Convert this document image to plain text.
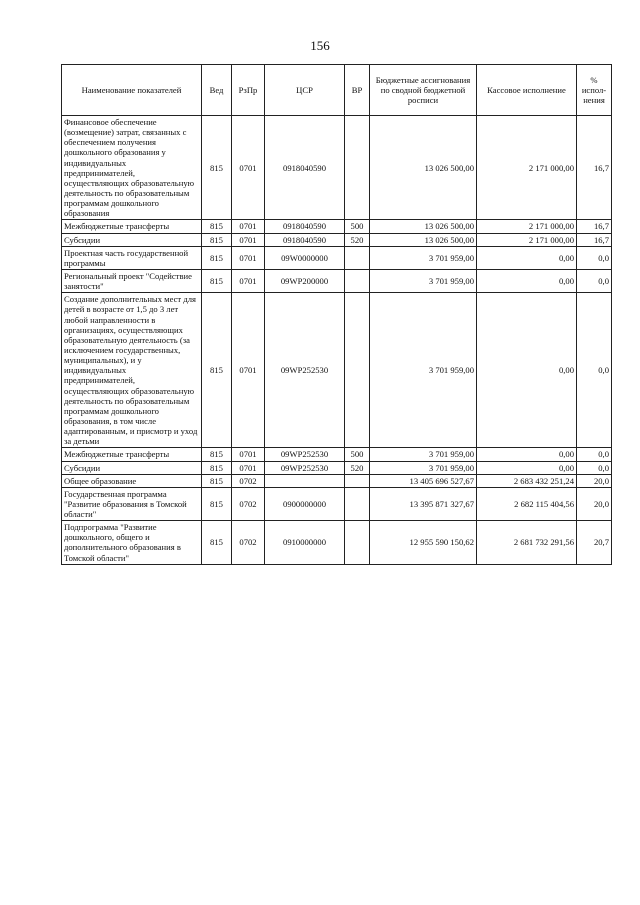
156
Наименование показателей	Вед	РзПр	ЦСР	ВР	Бюджетные ассигнования по сводной бюджетной росписи	Кассовое исполнение	% испол-нения
Финансовое обеспечение (возмещение) затрат, связанных с обеспечением получения дошкольного образования у индивидуальных предпринимателей, осуществляющих образовательную деятельность по образовательным программам дошкольного образования	815	0701	0918040590		13 026 500,00	2 171 000,00	16,7
Межбюджетные трансферты	815	0701	0918040590	500	13 026 500,00	2 171 000,00	16,7
Субсидии	815	0701	0918040590	520	13 026 500,00	2 171 000,00	16,7
Проектная часть государственной программы	815	0701	09W0000000		3 701 959,00	0,00	0,0
Региональный проект "Содействие занятости"	815	0701	09WP200000		3 701 959,00	0,00	0,0
Создание дополнительных мест для детей в возрасте от 1,5 до 3 лет любой направленности в организациях, осуществляющих образовательную деятельность (за исключением государственных, муниципальных), и у индивидуальных предпринимателей, осуществляющих образовательную деятельность по образовательным программам дошкольного образования, в том числе адаптированным, и присмотр и уход за детьми	815	0701	09WP252530		3 701 959,00	0,00	0,0
Межбюджетные трансферты	815	0701	09WP252530	500	3 701 959,00	0,00	0,0
Субсидии	815	0701	09WP252530	520	3 701 959,00	0,00	0,0
Общее образование	815	0702			13 405 696 527,67	2 683 432 251,24	20,0
Государственная программа "Развитие образования в Томской области"	815	0702	0900000000		13 395 871 327,67	2 682 115 404,56	20,0
Подпрограмма "Развитие дошкольного, общего и дополнительного образования в Томской области"	815	0702	0910000000		12 955 590 150,62	2 681 732 291,56	20,7
